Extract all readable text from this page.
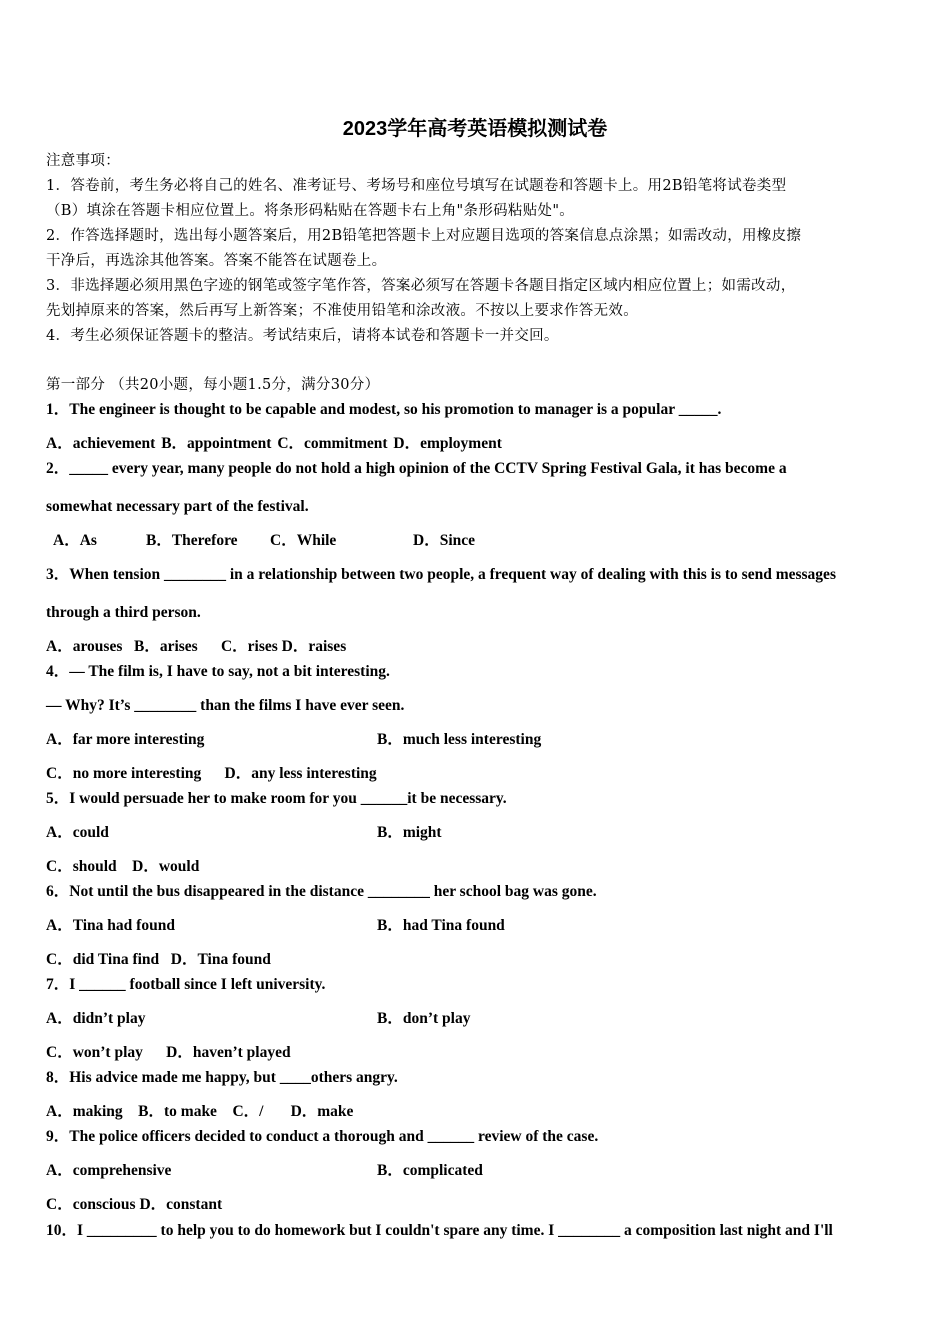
2023学年高考英语模拟测试卷
注意事项：
1．答卷前，考生务必将自己的姓名、准考证号、考场号和座位号填写在试题卷和答题卡上。用2B铅笔将试卷类型
（B）填涂在答题卡相应位置上。将条形码粘贴在答题卡右上角"条形码粘贴处"。
2．作答选择题时，选出每小题答案后，用2B铅笔把答题卡上对应题目选项的答案信息点涂黑；如需改动，用橡皮擦
干净后，再选涂其他答案。答案不能答在试题卷上。
3．非选择题必须用黑色字迹的钢笔或签字笔作答，答案必须写在答题卡各题目指定区域内相应位置上；如需改动，
先划掉原来的答案，然后再写上新答案；不准使用铅笔和涂改液。不按以上要求作答无效。
4．考生必须保证答题卡的整洁。考试结束后，请将本试卷和答题卡一并交回。
第一部分 （共20小题，每小题1.5分，满分30分）
1．The engineer is thought to be capable and modest, so his promotion to manager is a popular _____.
A．achievement B．appointment C．commitment D．employment
2．_____ every year, many people do not hold a high opinion of the CCTV Spring Festival Gala, it has become a
somewhat necessary part of the festival.
A．As	B．Therefore C．While	D．Since
3．When tension ________ in a relationship between two people, a frequent way of dealing with this is to send messages
through a third person.
A．arouses   B．arises      C．rises D．raises
4．— The film is, I have to say, not a bit interesting.
— Why? It’s ________ than the films I have ever seen.
A．far more interesting	B．much less interesting
C．no more interesting      D．any less interesting
5．I would persuade her to make room for you ______it be necessary.
A．could	B．might
C．should    D．would
6．Not until the bus disappeared in the distance ________ her school bag was gone.
A．Tina had found	B．had Tina found
C．did Tina find   D．Tina found
7．I ______ football since I left university.
A．didn’t play	B．don’t play
C．won’t play      D．haven’t played
8．His advice made me happy, but ____others angry.
A．making    B．to make    C．/       D．make
9．The police officers decided to conduct a thorough and ______ review of the case.
A．comprehensive	B．complicated
C．conscious D．constant
10．I _________ to help you to do homework but I couldn't spare any time. I ________ a composition last night and I'll
